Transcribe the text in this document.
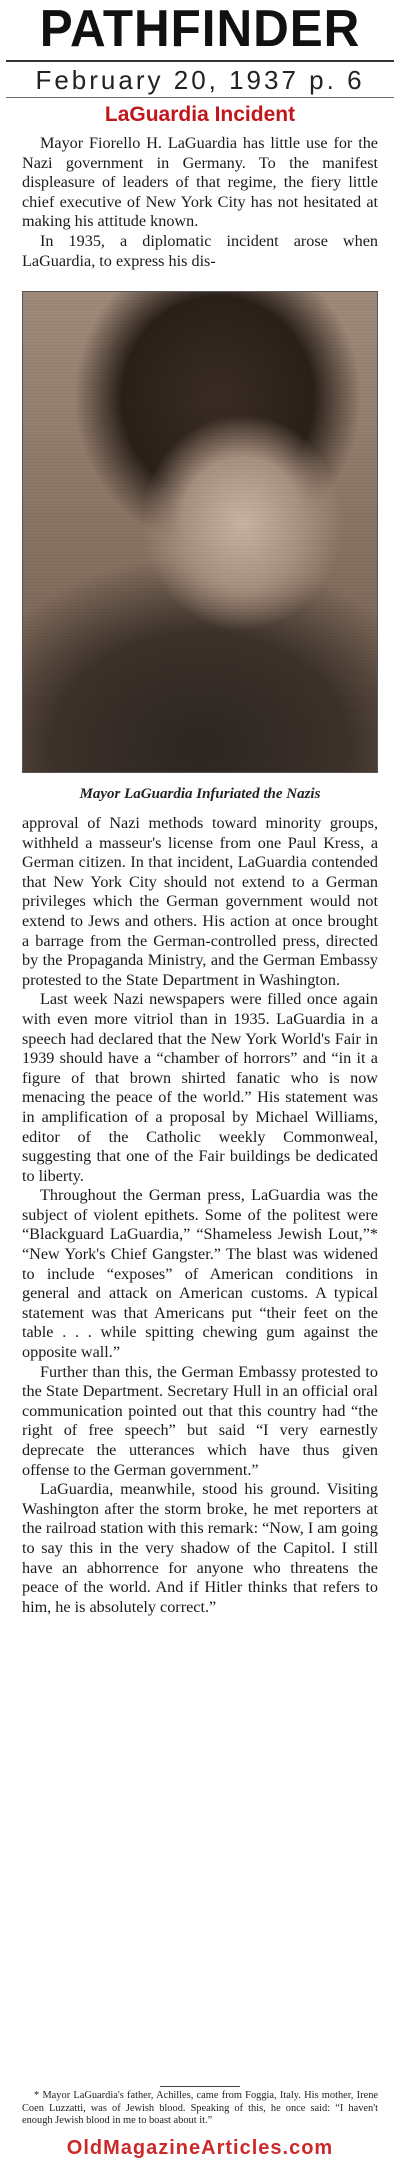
PATHFINDER
February 20, 1937 p. 6
LaGuardia Incident

Mayor Fiorello H. LaGuardia has little use for the Nazi government in Germany. To the manifest displeasure of leaders of that regime, the fiery little chief executive of New York City has not hesitated at making his attitude known.

In 1935, a diplomatic incident arose when LaGuardia, to express his dis-

Mayor LaGuardia Infuriated the Nazis

approval of Nazi methods toward minority groups, withheld a masseur's license from one Paul Kress, a German citizen. In that incident, LaGuardia contended that New York City should not extend to a German privileges which the German government would not extend to Jews and others. His action at once brought a barrage from the German-controlled press, directed by the Propaganda Ministry, and the German Embassy protested to the State Department in Washington.

Last week Nazi newspapers were filled once again with even more vitriol than in 1935. LaGuardia in a speech had declared that the New York World's Fair in 1939 should have a “chamber of horrors” and “in it a figure of that brown shirted fanatic who is now menacing the peace of the world.” His statement was in amplification of a proposal by Michael Williams, editor of the Catholic weekly Commonweal, suggesting that one of the Fair buildings be dedicated to liberty.

Throughout the German press, LaGuardia was the subject of violent epithets. Some of the politest were “Blackguard LaGuardia,” “Shameless Jewish Lout,”* “New York's Chief Gangster.” The blast was widened to include “exposes” of American conditions in general and attack on American customs. A typical statement was that Americans put “their feet on the table . . . while spitting chewing gum against the opposite wall.”

Further than this, the German Embassy protested to the State Department. Secretary Hull in an official oral communication pointed out that this country had “the right of free speech” but said “I very earnestly deprecate the utterances which have thus given offense to the German government.”

LaGuardia, meanwhile, stood his ground. Visiting Washington after the storm broke, he met reporters at the railroad station with this remark: “Now, I am going to say this in the very shadow of the Capitol. I still have an abhorrence for anyone who threatens the peace of the world. And if Hitler thinks that refers to him, he is absolutely correct.”

* Mayor LaGuardia's father, Achilles, came from Foggia, Italy. His mother, Irene Coen Luzzatti, was of Jewish blood. Speaking of this, he once said: “I haven't enough Jewish blood in me to boast about it.”
OldMagazineArticles.com
